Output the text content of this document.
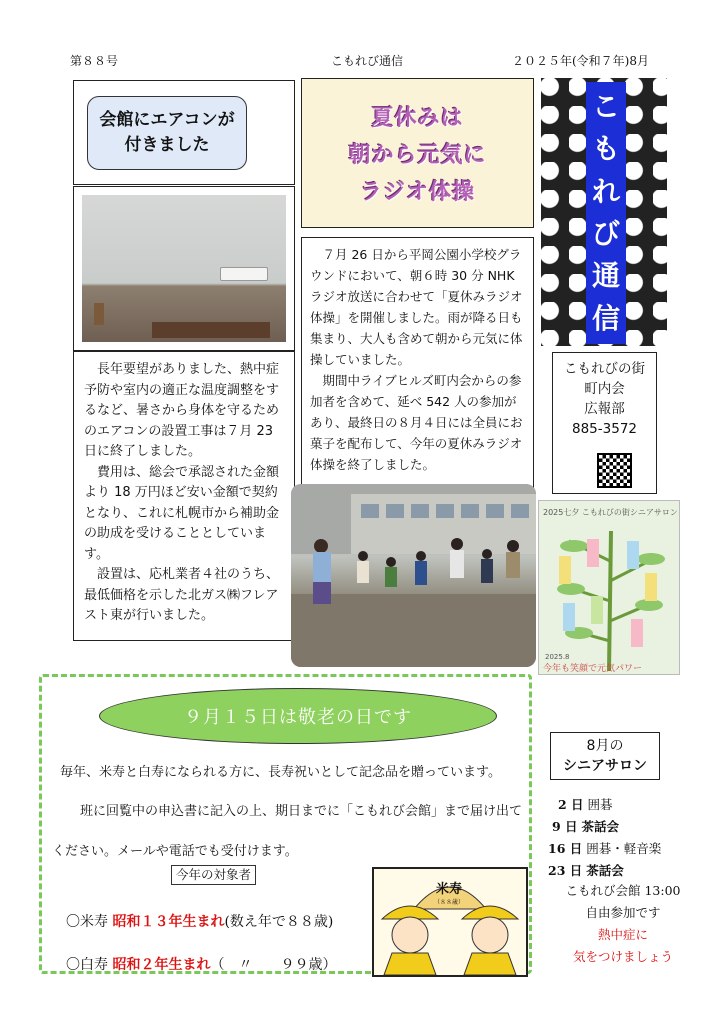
第８８号	こもれび通信	２０２５年(令和７年)8月
会館にエアコンが
付きました

長年要望がありました、熱中症予防や室内の適正な温度調整をするなど、暑さから身体を守るためのエアコンの設置工事は７月 23 日に終了しました。

費用は、総会で承認された金額より 18 万円ほど安い金額で契約となり、これに札幌市から補助金の助成を受けることとしています。

設置は、応札業者４社のうち、最低価格を示した北ガス㈱フレアスト東が行いました。

夏休みは
朝から元気に
ラジオ体操

７月 26 日から平岡公園小学校グラウンドにおいて、朝６時 30 分 NHK ラジオ放送に合わせて「夏休みラジオ体操」を開催しました。雨が降る日も集まり、大人も含めて朝から元気に体操していました。

期間中ライブヒルズ町内会からの参加者を含めて、延べ 542 人の参加があり、最終日の８月４日には全員にお菓子を配布して、今年の夏休みラジオ体操を終了しました。

こ
も
れ
び
通
信
こもれびの街
町内会
広報部
885-3572
2025七夕 こもれびの街シニアサロン
2025.8
今年も笑顔で元気パワー
９月１５日は敬老の日です
毎年、米寿と白寿になられる方に、長寿祝いとして記念品を贈っています。
班に回覧中の申込書に記入の上、期日までに「こもれび会館」まで届け出て
ください。メールや電話でも受付けます。
今年の対象者
〇米寿 昭和１３年生まれ(数え年で８８歳)
〇白寿 昭和２年生まれ（　〃　　９９歳）
米寿
（８８歳）
8月の
シニアサロン
2 日 囲碁
9 日 茶話会
16 日 囲碁・軽音楽
23 日 茶話会
こもれび会館 13:00
自由参加です
熱中症に
気をつけましょう
